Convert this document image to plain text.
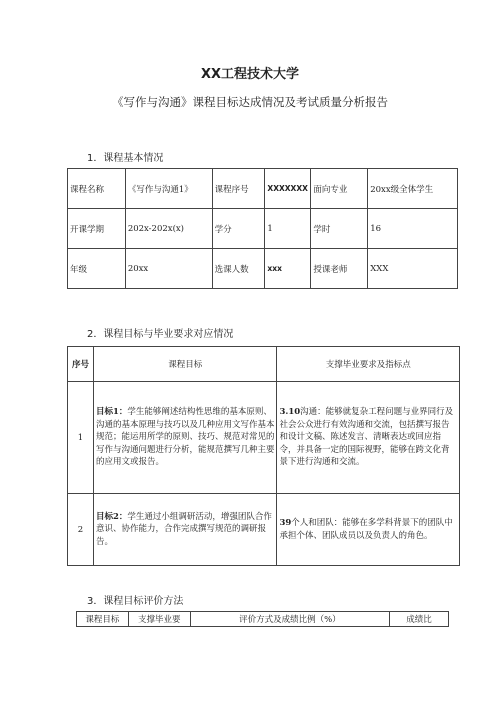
XX工程技术大学
《写作与沟通》课程目标达成情况及考试质量分析报告
1．课程基本情况
课程名称	《写作与沟通1》	课程序号	XXXXXXX	面向专业	20xx级全体学生
开课学期	202x-202x(x)	学分	1	学时	16
年级	20xx	选课人数	xxx	授课老师	XXX
2．课程目标与毕业要求对应情况
序号	课程目标	支撑毕业要求及指标点
1	目标1：学生能够阐述结构性思维的基本原则、沟通的基本原理与技巧以及几种应用文写作基本规范；能运用所学的原则、技巧、规范对常见的写作与沟通问题进行分析，能规范撰写几种主要的应用文或报告。	3.10沟通：能够就复杂工程问题与业界同行及社会公众进行有效沟通和交流，包括撰写报告和设计文稿、陈述发言、清晰表达或回应指令，并具备一定的国际视野，能够在跨文化背景下进行沟通和交流。
2	目标2：学生通过小组调研活动，增强团队合作意识、协作能力，合作完成撰写规范的调研报告。	39个人和团队：能够在多学科背景下的团队中承担个体、团队成员以及负责人的角色。
3．课程目标评价方法
课程目标	支撑毕业要	评价方式及成绩比例（%）	成绩比
